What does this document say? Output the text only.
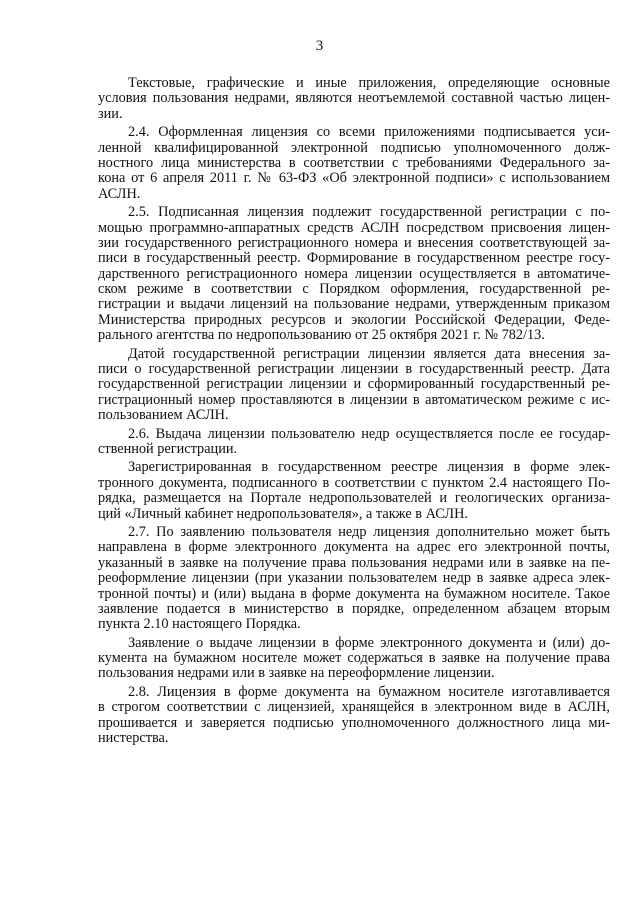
3
Текстовые, графические и иные приложения, определяющие основные
условия пользования недрами, являются неотъемлемой составной частью лицен-
зии.
2.4. Оформленная лицензия со всеми приложениями подписывается уси-
ленной квалифицированной электронной подписью уполномоченного долж-
ностного лица министерства в соответствии с требованиями Федерального за-
кона от 6 апреля 2011 г. № 63-ФЗ «Об электронной подписи» с использованием
АСЛН.
2.5. Подписанная лицензия подлежит государственной регистрации с по-
мощью программно-аппаратных средств АСЛН посредством присвоения лицен-
зии государственного регистрационного номера и внесения соответствующей за-
писи в государственный реестр. Формирование в государственном реестре госу-
дарственного регистрационного номера лицензии осуществляется в автоматиче-
ском режиме в соответствии с Порядком оформления, государственной ре-
гистрации и выдачи лицензий на пользование недрами, утвержденным приказом
Министерства природных ресурсов и экологии Российской Федерации, Феде-
рального агентства по недропользованию от 25 октября 2021 г. № 782/13.
Датой государственной регистрации лицензии является дата внесения за-
писи о государственной регистрации лицензии в государственный реестр. Дата
государственной регистрации лицензии и сформированный государственный ре-
гистрационный номер проставляются в лицензии в автоматическом режиме с ис-
пользованием АСЛН.
2.6. Выдача лицензии пользователю недр осуществляется после ее государ-
ственной регистрации.
Зарегистрированная в государственном реестре лицензия в форме элек-
тронного документа, подписанного в соответствии с пунктом 2.4 настоящего По-
рядка, размещается на Портале недропользователей и геологических организа-
ций «Личный кабинет недропользователя», а также в АСЛН.
2.7. По заявлению пользователя недр лицензия дополнительно может быть
направлена в форме электронного документа на адрес его электронной почты,
указанный в заявке на получение права пользования недрами или в заявке на пе-
реоформление лицензии (при указании пользователем недр в заявке адреса элек-
тронной почты) и (или) выдана в форме документа на бумажном носителе. Такое
заявление подается в министерство в порядке, определенном абзацем вторым
пункта 2.10 настоящего Порядка.
Заявление о выдаче лицензии в форме электронного документа и (или) до-
кумента на бумажном носителе может содержаться в заявке на получение права
пользования недрами или в заявке на переоформление лицензии.
2.8. Лицензия в форме документа на бумажном носителе изготавливается
в строгом соответствии с лицензией, хранящейся в электронном виде в АСЛН,
прошивается и заверяется подписью уполномоченного должностного лица ми-
нистерства.
